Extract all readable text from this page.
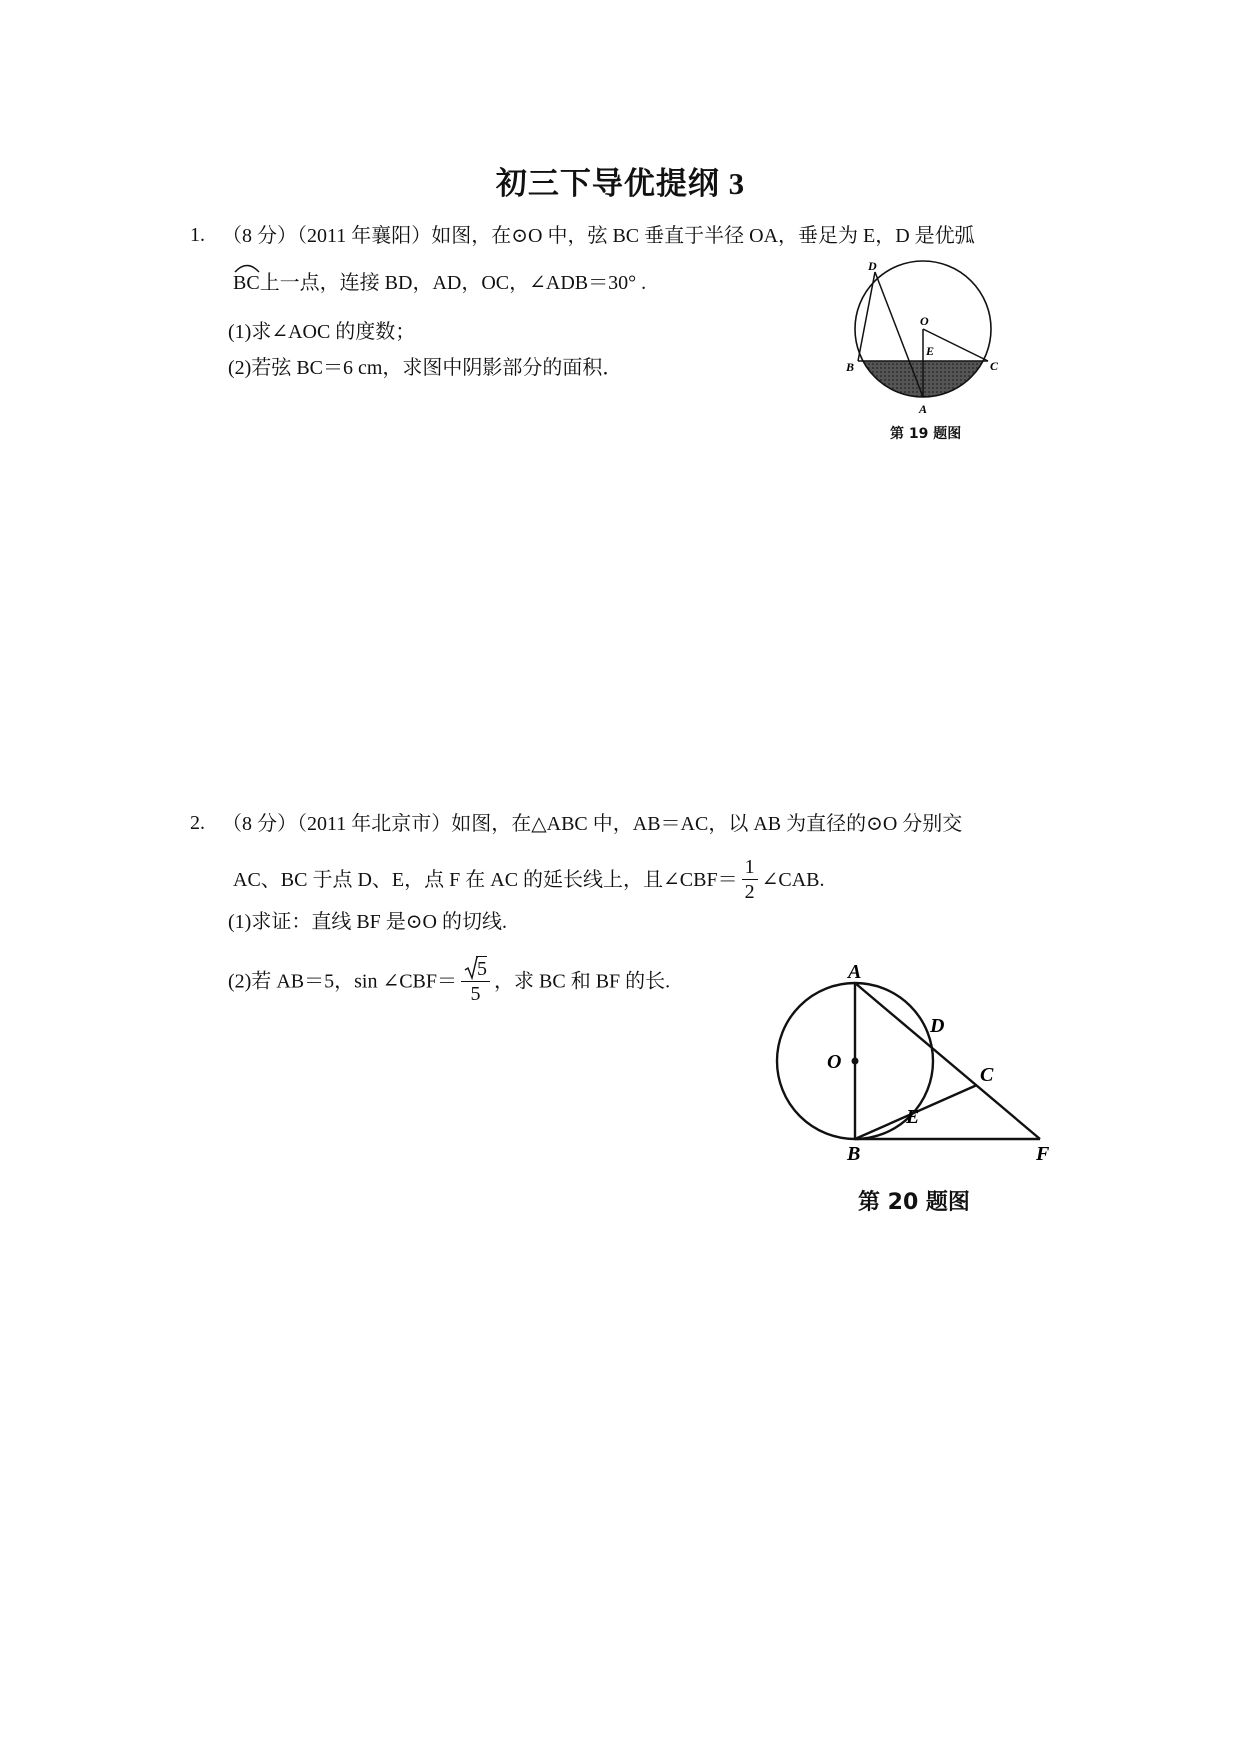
初三下导优提纲 3
1. （8 分）（2011 年襄阳）如图，在⊙O 中，弦 BC 垂直于半径 OA，垂足为 E，D 是优弧
BC上一点，连接 BD，AD，OC，∠ADB＝30° .
(1)求∠AOC 的度数；
(2)若弦 BC＝6 cm，求图中阴影部分的面积．
D
O
E
B	C
A
第 19 题图
2. （8 分）（2011 年北京市）如图，在△ABC 中，AB＝AC，以 AB 为直径的⊙O 分别交
AC、BC 于点 D、E，点 F 在 AC 的延长线上，且∠CBF＝ $\frac{1}{2}$ ∠CAB.
(1)求证：直线 BF 是⊙O 的切线.
(2)若 AB＝5，sin ∠CBF＝ $\frac{5}{5}$ ，求 BC 和 BF 的长.	A
D
O
C
E
B	F
第 20 题图
